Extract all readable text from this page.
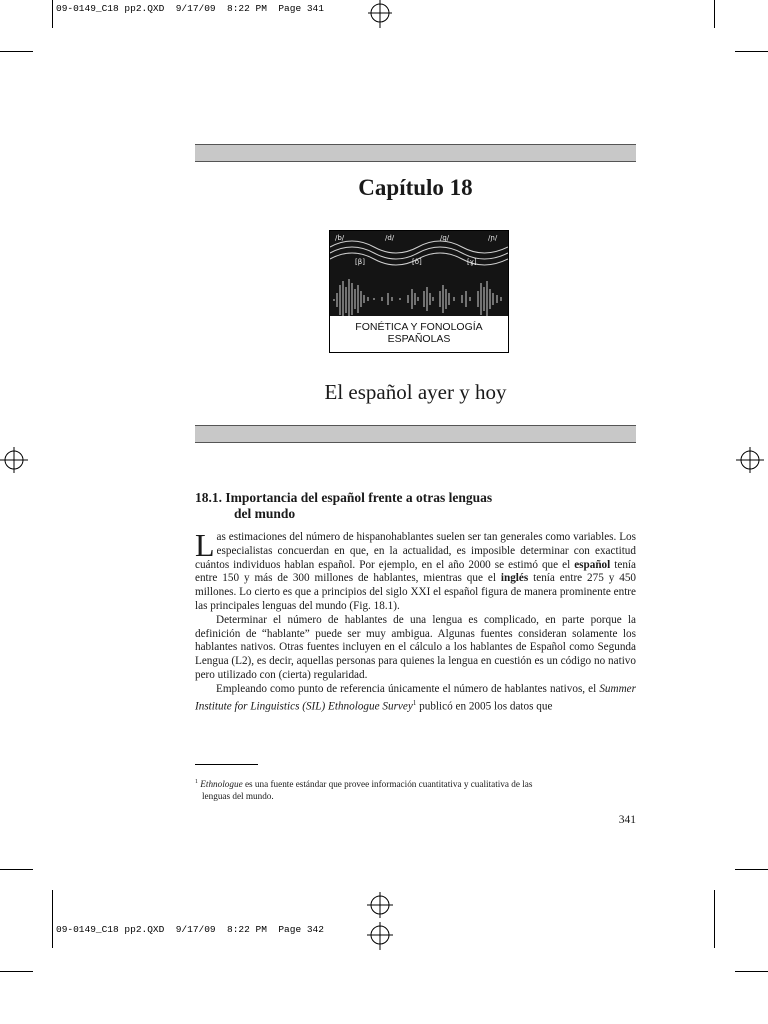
09-0149_C18 pp2.QXD  9/17/09  8:22 PM  Page 341
09-0149_C18 pp2.QXD  9/17/09  8:22 PM  Page 342
Capítulo 18
/b/	/d/	/g/	/ɲ/
[β]	[ð]	[ɣ]
FONÉTICA Y FONOLOGÍA
ESPAÑOLAS
El español ayer y hoy
18.1. Importancia del español frente a otras lenguas
del mundo

Las estimaciones del número de hispanohablantes suelen ser tan generales como variables. Los especialistas concuerdan en que, en la actualidad, es imposible determinar con exactitud cuántos individuos hablan español. Por ejemplo, en el año 2000 se estimó que el español tenía entre 150 y más de 300 millones de hablantes, mientras que el inglés tenía entre 275 y 450 millones. Lo cierto es que a principios del siglo XXI el español figura de manera prominente entre las principales lenguas del mundo (Fig. 18.1).

Determinar el número de hablantes de una lengua es complicado, en parte porque la definición de “hablante” puede ser muy ambigua. Algunas fuentes consideran solamente los hablantes nativos. Otras fuentes incluyen en el cálculo a los hablantes de Español como Segunda Lengua (L2), es decir, aquellas personas para quienes la lengua en cuestión es un código no nativo pero utilizado con (cierta) regularidad.

Empleando como punto de referencia únicamente el número de hablantes nativos, el Summer Institute for Linguistics (SIL) Ethnologue Survey$^1$ publicó en 2005 los datos que

$^1$ Ethnologue es una fuente estándar que provee información cuantitativa y cualitativa de las
lenguas del mundo.
341
